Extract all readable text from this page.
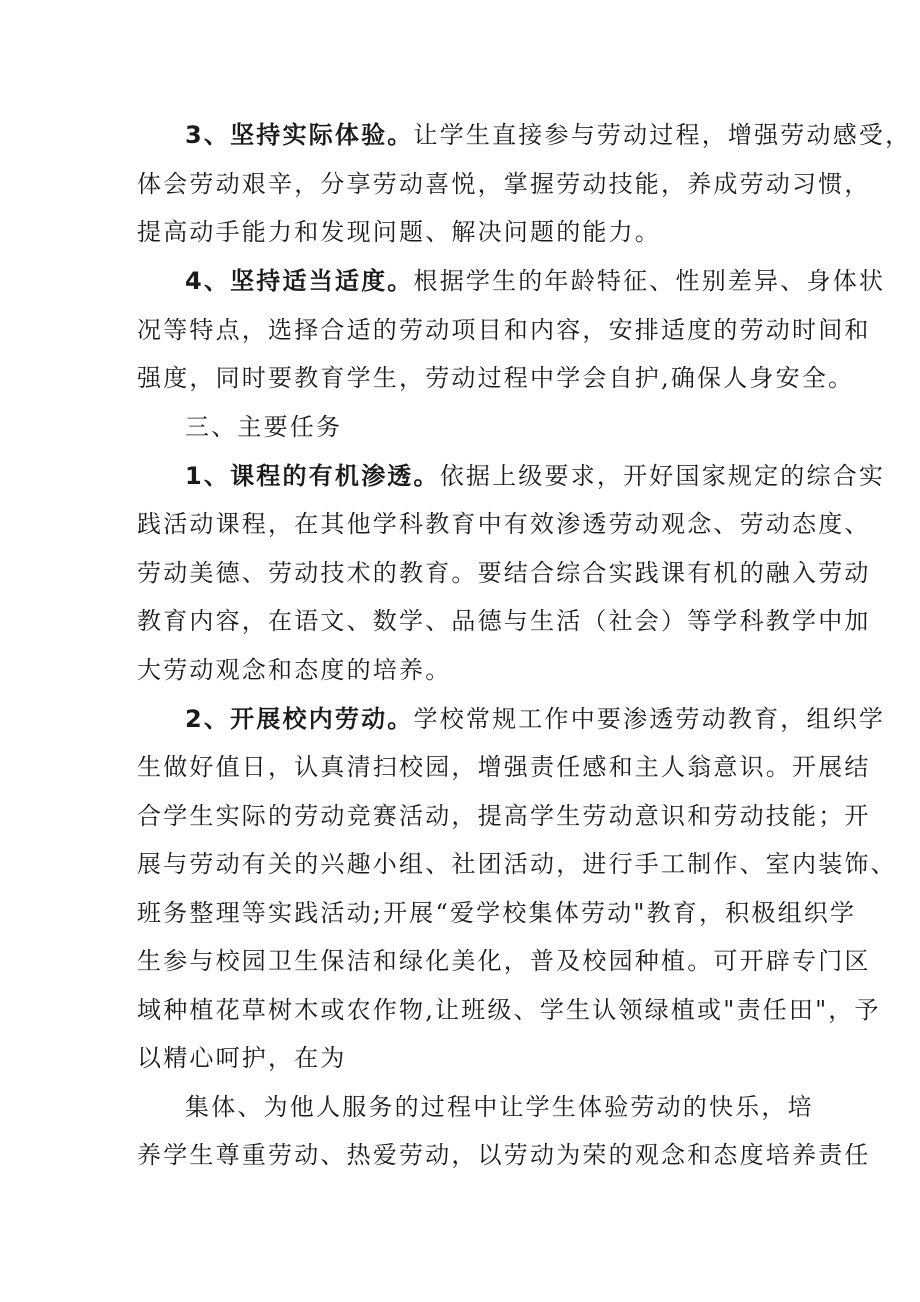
3、坚持实际体验。让学生直接参与劳动过程，增强劳动感受，
体会劳动艰辛，分享劳动喜悦，掌握劳动技能，养成劳动习惯，
提高动手能力和发现问题、解决问题的能力。
4、坚持适当适度。根据学生的年龄特征、性别差异、身体状
况等特点，选择合适的劳动项目和内容，安排适度的劳动时间和
强度，同时要教育学生，劳动过程中学会自护,确保人身安全。
三、主要任务
1、课程的有机渗透。依据上级要求，开好国家规定的综合实
践活动课程，在其他学科教育中有效渗透劳动观念、劳动态度、
劳动美德、劳动技术的教育。要结合综合实践课有机的融入劳动
教育内容，在语文、数学、品德与生活（社会）等学科教学中加
大劳动观念和态度的培养。
2、开展校内劳动。学校常规工作中要渗透劳动教育，组织学
生做好值日，认真清扫校园，增强责任感和主人翁意识。开展结
合学生实际的劳动竞赛活动，提高学生劳动意识和劳动技能；开
展与劳动有关的兴趣小组、社团活动，进行手工制作、室内装饰、
班务整理等实践活动;开展“爱学校集体劳动"教育，积极组织学
生参与校园卫生保洁和绿化美化，普及校园种植。可开辟专门区
域种植花草树木或农作物,让班级、学生认领绿植或"责任田"，予
以精心呵护，在为
集体、为他人服务的过程中让学生体验劳动的快乐，培
养学生尊重劳动、热爱劳动，以劳动为荣的观念和态度培养责任
